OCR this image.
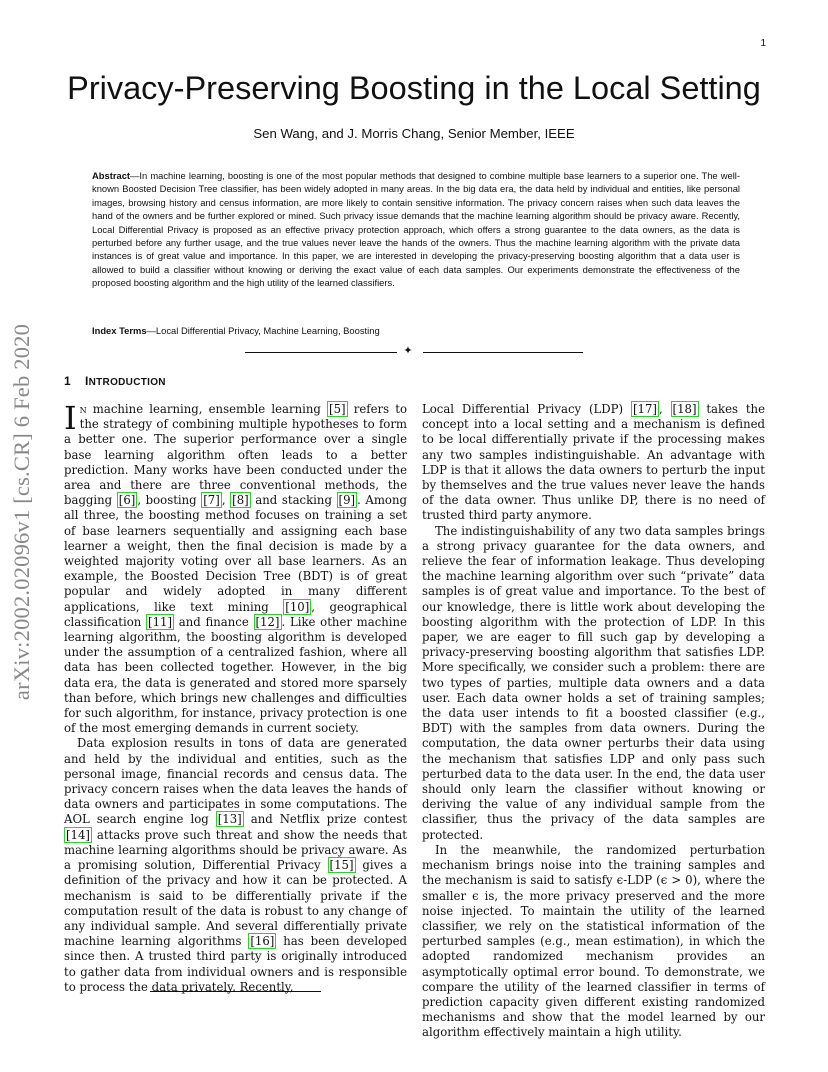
1
arXiv:2002.02096v1 [cs.CR] 6 Feb 2020
Privacy-Preserving Boosting in the Local Setting
Sen Wang, and J. Morris Chang, Senior Member, IEEE

Abstract—In machine learning, boosting is one of the most popular methods that designed to combine multiple base learners to a superior one. The well-known Boosted Decision Tree classifier, has been widely adopted in many areas. In the big data era, the data held by individual and entities, like personal images, browsing history and census information, are more likely to contain sensitive information. The privacy concern raises when such data leaves the hand of the owners and be further explored or mined. Such privacy issue demands that the machine learning algorithm should be privacy aware. Recently, Local Differential Privacy is proposed as an effective privacy protection approach, which offers a strong guarantee to the data owners, as the data is perturbed before any further usage, and the true values never leave the hands of the owners. Thus the machine learning algorithm with the private data instances is of great value and importance. In this paper, we are interested in developing the privacy-preserving boosting algorithm that a data user is allowed to build a classifier without knowing or deriving the exact value of each data samples. Our experiments demonstrate the effectiveness of the proposed boosting algorithm and the high utility of the learned classifiers.

Index Terms—Local Differential Privacy, Machine Learning, Boosting

✦
1 INTRODUCTION

In machine learning, ensemble learning [5] refers to the strategy of combining multiple hypotheses to form a better one. The superior performance over a single base learning algorithm often leads to a better prediction. Many works have been conducted under the area and there are three conventional methods, the bagging [6] , boosting [7] , [8] and stacking [9] . Among all three, the boosting method focuses on training a set of base learners sequentially and assigning each base learner a weight, then the final decision is made by a weighted majority voting over all base learners. As an example, the Boosted Decision Tree (BDT) is of great popular and widely adopted in many different applications, like text mining [10] , geographical classification [11] and finance [12] . Like other machine learning algorithm, the boosting algorithm is developed under the assumption of a centralized fashion, where all data has been collected together. However, in the big data era, the data is generated and stored more sparsely than before, which brings new challenges and difficulties for such algorithm, for instance, privacy protection is one of the most emerging demands in current society.

Data explosion results in tons of data are generated and held by the individual and entities, such as the personal image, financial records and census data. The privacy concern raises when the data leaves the hands of data owners and participates in some computations. The AOL search engine log [13] and Netflix prize contest [14] attacks prove such threat and show the needs that machine learning algorithms should be privacy aware. As a promising solution, Differential Privacy [15] gives a definition of the privacy and how it can be protected. A mechanism is said to be differentially private if the computation result of the data is robust to any change of any individual sample. And several differentially private machine learning algorithms [16] has been developed since then. A trusted third party is originally introduced to gather data from individual owners and is responsible to process the data privately. Recently,

Local Differential Privacy (LDP) [17] , [18] takes the concept into a local setting and a mechanism is defined to be local differentially private if the processing makes any two samples indistinguishable. An advantage with LDP is that it allows the data owners to perturb the input by themselves and the true values never leave the hands of the data owner. Thus unlike DP, there is no need of trusted third party anymore.

The indistinguishability of any two data samples brings a strong privacy guarantee for the data owners, and relieve the fear of information leakage. Thus developing the machine learning algorithm over such “private” data samples is of great value and importance. To the best of our knowledge, there is little work about developing the boosting algorithm with the protection of LDP. In this paper, we are eager to fill such gap by developing a privacy-preserving boosting algorithm that satisfies LDP. More specifically, we consider such a problem: there are two types of parties, multiple data owners and a data user. Each data owner holds a set of training samples; the data user intends to fit a boosted classifier (e.g., BDT) with the samples from data owners. During the computation, the data owner perturbs their data using the mechanism that satisfies LDP and only pass such perturbed data to the data user. In the end, the data user should only learn the classifier without knowing or deriving the value of any individual sample from the classifier, thus the privacy of the data samples are protected.

In the meanwhile, the randomized perturbation mechanism brings noise into the training samples and the mechanism is said to satisfy ϵ-LDP (ϵ > 0), where the smaller ϵ is, the more privacy preserved and the more noise injected. To maintain the utility of the learned classifier, we rely on the statistical information of the perturbed samples (e.g., mean estimation), in which the adopted randomized mechanism provides an asymptotically optimal error bound. To demonstrate, we compare the utility of the learned classifier in terms of prediction capacity given different existing randomized mechanisms and show that the model learned by our algorithm effectively maintain a high utility.
